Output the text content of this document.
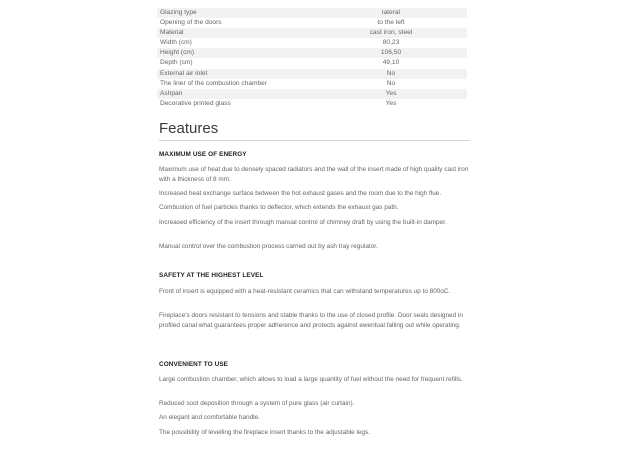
Glazing type	lateral
Opening of the doors	to the left
Material	cast iron, steel
Width (cm)	80,23
Height (cm)	106,50
Depth (cm)	49,10
External air inlet	No
The liner of the combustion chamber	No
Ashpan	Yes
Decorative printed glass	Yes
Features
MAXIMUM USE OF ENERGY

Maximum use of heat due to densely spaced radiators and the wall of the insert made of high quality cast iron with a thickness of 8 mm.

Increased heat exchange surface between the hot exhaust gases and the room due to the high flue.

Combustion of fuel particles thanks to deflector, which extends the exhaust gas path.

Increased efficiency of the insert through manual control of chimney draft by using the built-in damper.

Manual control over the combustion process carried out by ash tray regulator.

SAFETY AT THE HIGHEST LEVEL

Front of insert is equipped with a heat-resistant ceramics that can withstand temperatures up to 800oC.

Fireplace's doors resistant to tensions and stable thanks to the use of closed profile. Door seals designed in profiled canal what guarantees proper adherence and protects against ewentual falling out while operating.

CONVENIENT TO USE

Large combustion chamber, which allows to load a large quantity of fuel without the need for frequent refills.

Reduced soot deposition through a system of pure glass (air curtain).

An elegant and comfortable handle.

The possibility of levelling the fireplace insert thanks to the adjustable legs.
